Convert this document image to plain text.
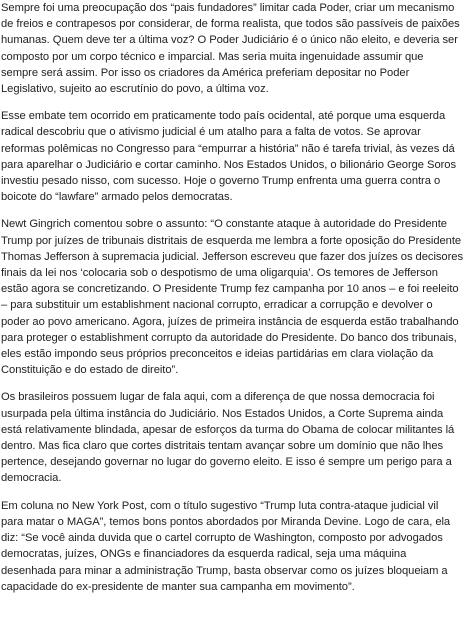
Sempre foi uma preocupação dos “pais fundadores” limitar cada Poder, criar um mecanismo de freios e contrapesos por considerar, de forma realista, que todos são passíveis de paixões humanas. Quem deve ter a última voz? O Poder Judiciário é o único não eleito, e deveria ser composto por um corpo técnico e imparcial. Mas seria muita ingenuidade assumir que sempre será assim. Por isso os criadores da América preferiam depositar no Poder Legislativo, sujeito ao escrutínio do povo, a última voz.

Esse embate tem ocorrido em praticamente todo país ocidental, até porque uma esquerda radical descobriu que o ativismo judicial é um atalho para a falta de votos. Se aprovar reformas polêmicas no Congresso para “empurrar a história” não é tarefa trivial, às vezes dá para aparelhar o Judiciário e cortar caminho. Nos Estados Unidos, o bilionário George Soros investiu pesado nisso, com sucesso. Hoje o governo Trump enfrenta uma guerra contra o boicote do “lawfare” armado pelos democratas.

Newt Gingrich comentou sobre o assunto: “O constante ataque à autoridade do Presidente Trump por juízes de tribunais distritais de esquerda me lembra a forte oposição do Presidente Thomas Jefferson à supremacia judicial. Jefferson escreveu que fazer dos juízes os decisores finais da lei nos ‘colocaria sob o despotismo de uma oligarquia’. Os temores de Jefferson estão agora se concretizando. O Presidente Trump fez campanha por 10 anos – e foi reeleito – para substituir um establishment nacional corrupto, erradicar a corrupção e devolver o poder ao povo americano. Agora, juízes de primeira instância de esquerda estão trabalhando para proteger o establishment corrupto da autoridade do Presidente. Do banco dos tribunais, eles estão impondo seus próprios preconceitos e ideias partidárias em clara violação da Constituição e do estado de direito”.

Os brasileiros possuem lugar de fala aqui, com a diferença de que nossa democracia foi usurpada pela última instância do Judiciário. Nos Estados Unidos, a Corte Suprema ainda está relativamente blindada, apesar de esforços da turma do Obama de colocar militantes lá dentro. Mas fica claro que cortes distritais tentam avançar sobre um domínio que não lhes pertence, desejando governar no lugar do governo eleito. E isso é sempre um perigo para a democracia.

Em coluna no New York Post, com o título sugestivo “Trump luta contra-ataque judicial vil para matar o MAGA”, temos bons pontos abordados por Miranda Devine. Logo de cara, ela diz: “Se você ainda duvida que o cartel corrupto de Washington, composto por advogados democratas, juízes, ONGs e financiadores da esquerda radical, seja uma máquina desenhada para minar a administração Trump, basta observar como os juízes bloqueiam a capacidade do ex-presidente de manter sua campanha em movimento”.
